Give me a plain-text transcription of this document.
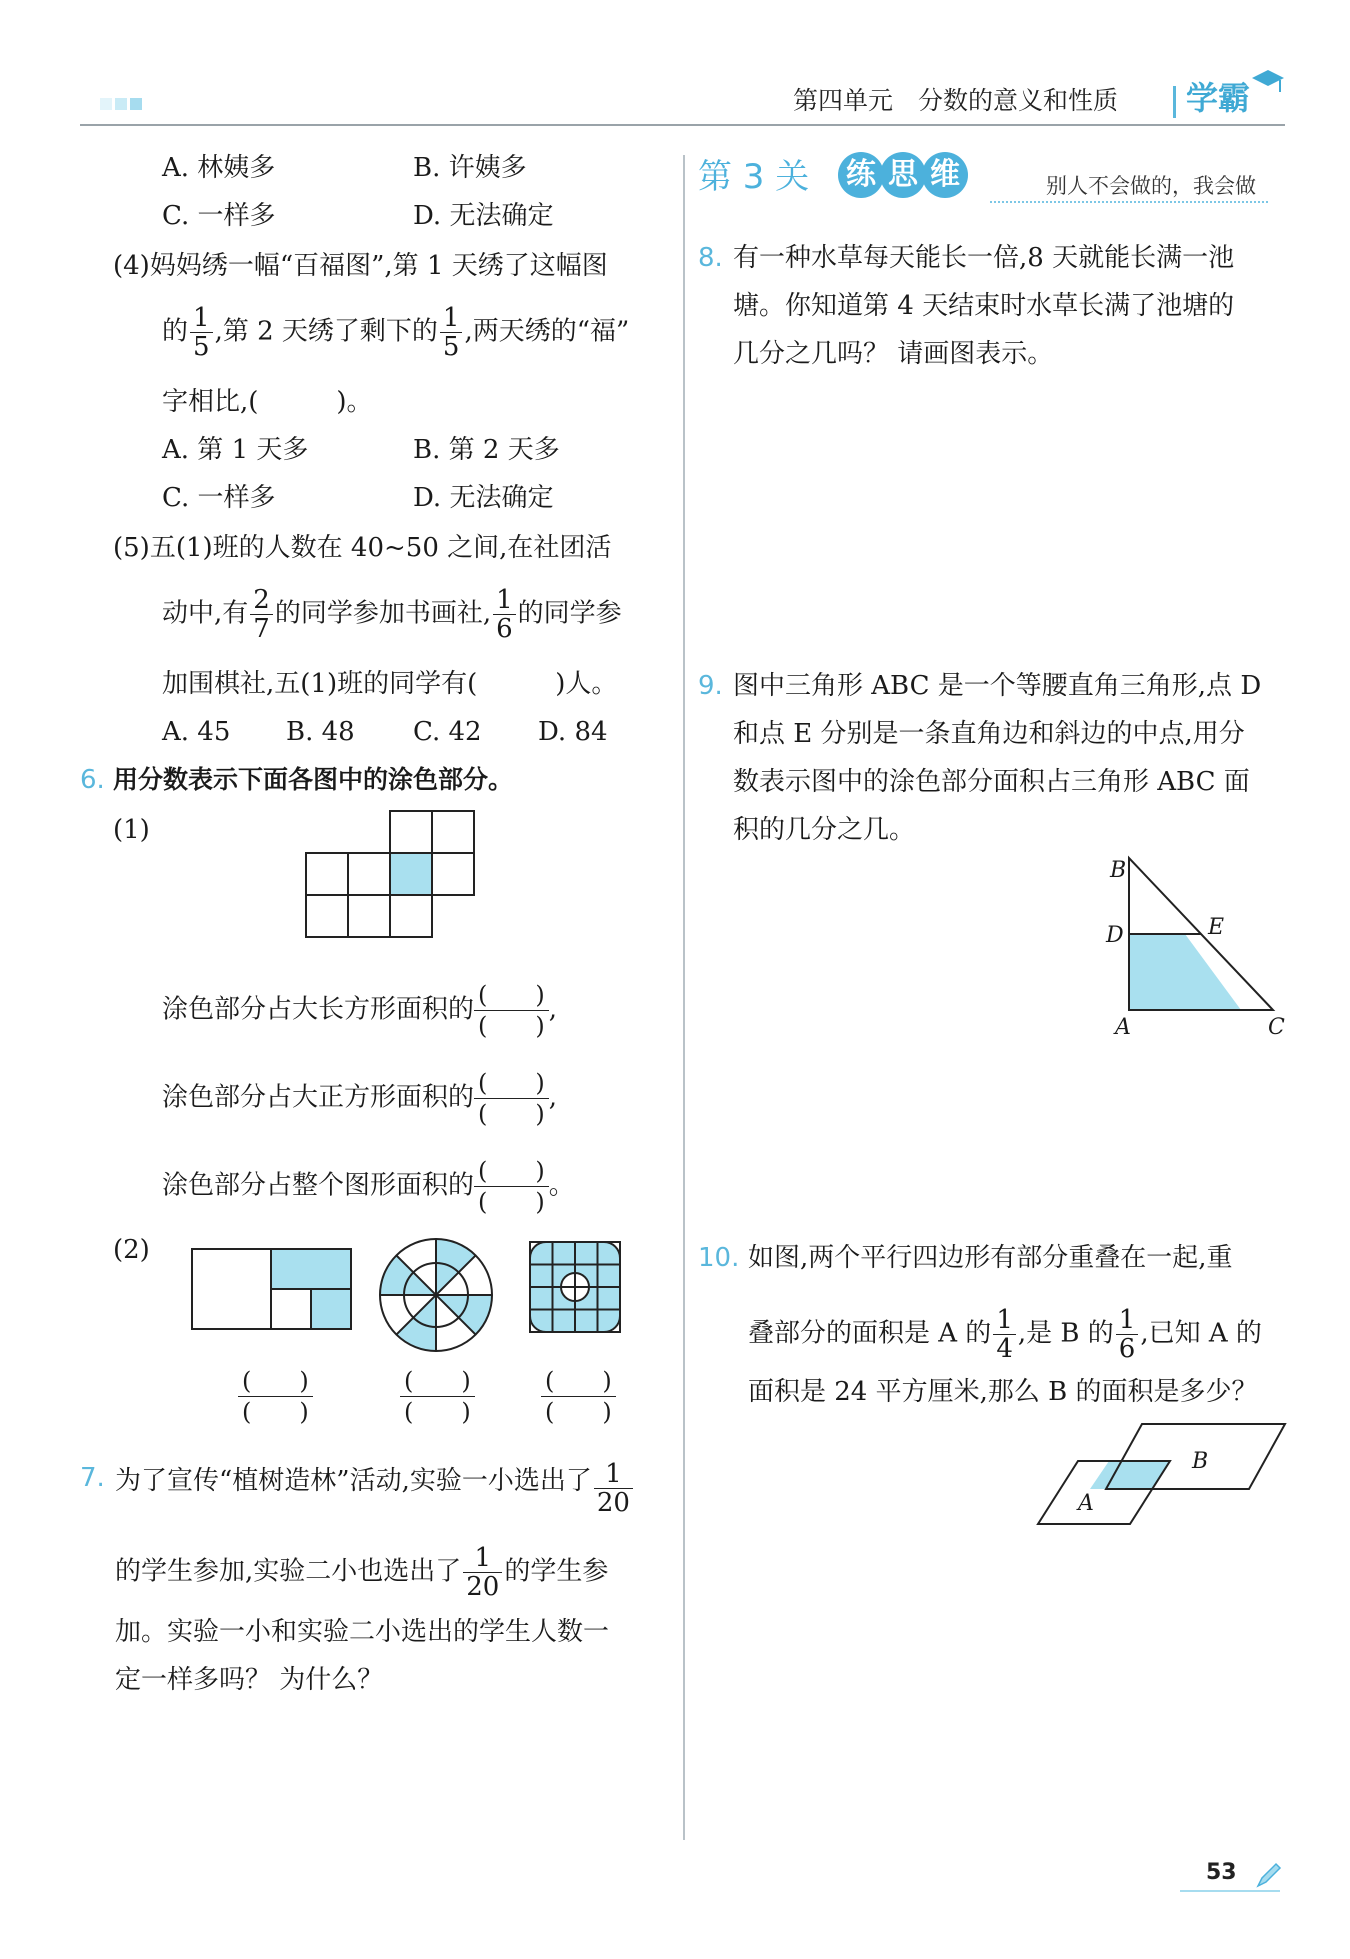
第四单元　分数的意义和性质 学霸
A. 林姨多	B. 许姨多
C. 一样多	D. 无法确定
(4)妈妈绣一幅“百福图”,第 1 天绣了这幅图
的 $\frac{1}{5}$ ,第 2 天绣了剩下的 $\frac{1}{5}$ ,两天绣的“福”
字相比,(　　　)。
A. 第 1 天多	B. 第 2 天多
C. 一样多	D. 无法确定
(5)五(1)班的人数在 40~50 之间,在社团活
动中,有 $\frac{2}{7}$ 的同学参加书画社, $\frac{1}{6}$ 的同学参
加围棋社,五(1)班的同学有(　　　)人。
A. 45 B. 48 C. 42 D. 84
6. 用分数表示下面各图中的涂色部分。
(1)
涂色部分占大长方形面积的 (　　)
(　　)
,
涂色部分占大正方形面积的 (　　)
(　　)
,
涂色部分占整个图形面积的 (　　)
(　　)
。
(2)
(　　)
(　　)
(　　)
(　　)
(　　)
(　　)
7. 为了宣传“植树造林”活动,实验一小选出了 $\frac{1}{20}$
的学生参加,实验二小也选出了 $\frac{1}{20}$ 的学生参
加。实验一小和实验二小选出的学生人数一
定一样多吗？ 为什么？
第 3 关 练 思 维	别人不会做的，我会做
8. 有一种水草每天能长一倍,8 天就能长满一池
塘。你知道第 4 天结束时水草长满了池塘的
几分之几吗？ 请画图表示。
9. 图中三角形 ABC 是一个等腰直角三角形,点 D
和点 E 分别是一条直角边和斜边的中点,用分
数表示图中的涂色部分面积占三角形 ABC 面
积的几分之几。
B
D	E
A	C
10. 如图,两个平行四边形有部分重叠在一起,重
叠部分的面积是 A 的 $\frac{1}{4}$ ,是 B 的 $\frac{1}{6}$ ,已知 A 的
面积是 24 平方厘米,那么 B 的面积是多少？
A
B
53
